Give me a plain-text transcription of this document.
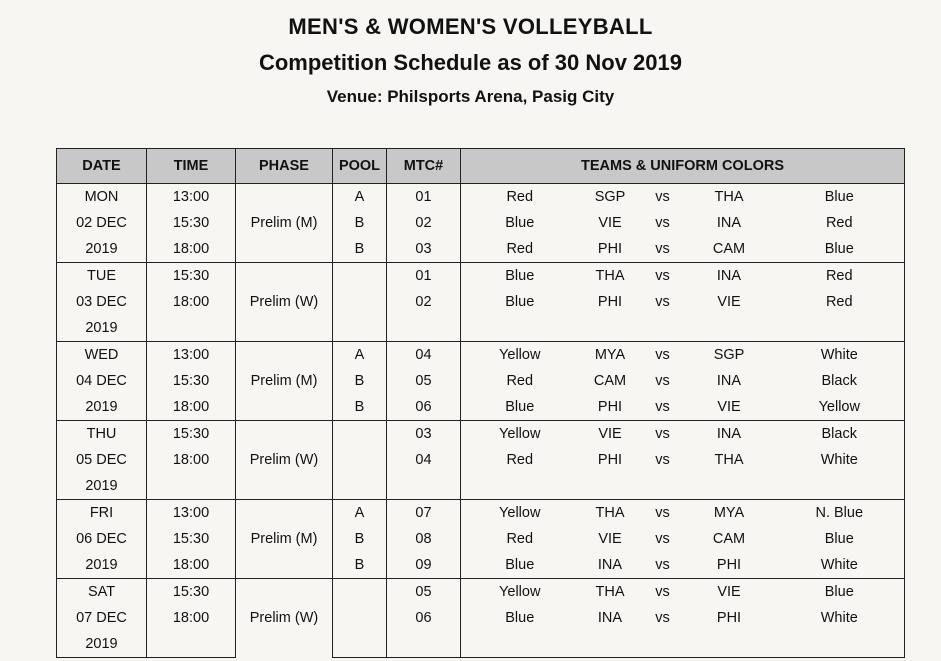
MEN'S & WOMEN'S VOLLEYBALL
Competition Schedule as of 30 Nov 2019
Venue: Philsports Arena, Pasig City
DATE	TIME	PHASE	POOL	MTC#	TEAMS & UNIFORM COLORS				
MON	13:00	Prelim (M)	A	01	Red	SGP	vs	THA	Blue
02 DEC	15:30		B	02	Blue	VIE	vs	INA	Red
2019	18:00		B	03	Red	PHI	vs	CAM	Blue
TUE	15:30	Prelim (W)		01	Blue	THA	vs	INA	Red
03 DEC	18:00			02	Blue	PHI	vs	VIE	Red
2019									
WED	13:00	Prelim (M)	A	04	Yellow	MYA	vs	SGP	White
04 DEC	15:30		B	05	Red	CAM	vs	INA	Black
2019	18:00		B	06	Blue	PHI	vs	VIE	Yellow
THU	15:30	Prelim (W)		03	Yellow	VIE	vs	INA	Black
05 DEC	18:00			04	Red	PHI	vs	THA	White
2019									
FRI	13:00	Prelim (M)	A	07	Yellow	THA	vs	MYA	N. Blue
06 DEC	15:30		B	08	Red	VIE	vs	CAM	Blue
2019	18:00		B	09	Blue	INA	vs	PHI	White
SAT	15:30	Prelim (W)		05	Yellow	THA	vs	VIE	Blue
07 DEC	18:00			06	Blue	INA	vs	PHI	White
2019									
